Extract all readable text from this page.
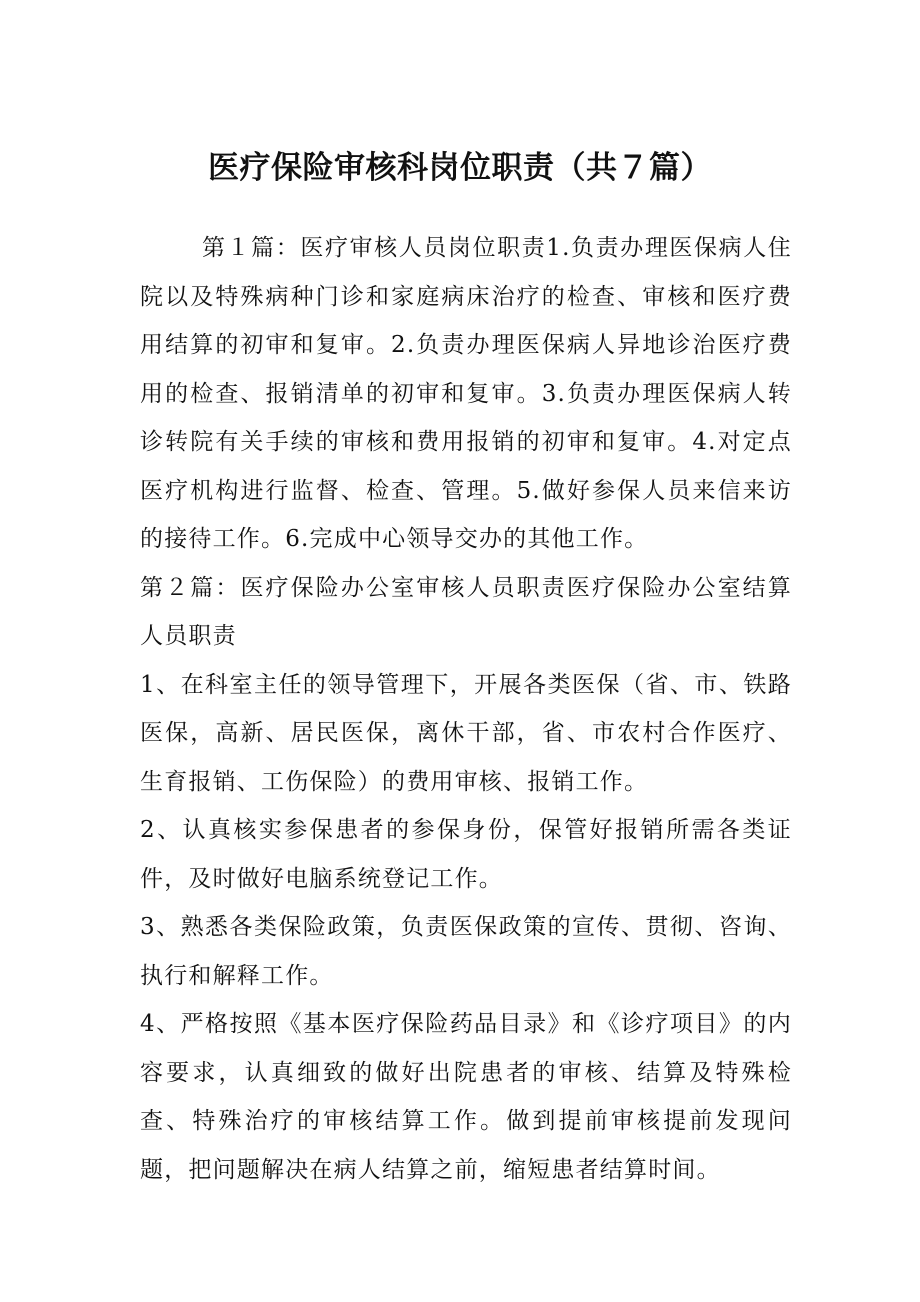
医疗保险审核科岗位职责（共７篇）

第１篇：医疗审核人员岗位职责1.负责办理医保病人住院以及特殊病种门诊和家庭病床治疗的检查、审核和医疗费用结算的初审和复审。2.负责办理医保病人异地诊治医疗费用的检查、报销清单的初审和复审。3.负责办理医保病人转诊转院有关手续的审核和费用报销的初审和复审。4.对定点医疗机构进行监督、检查、管理。5.做好参保人员来信来访的接待工作。6.完成中心领导交办的其他工作。

第２篇：医疗保险办公室审核人员职责医疗保险办公室结算人员职责

1、在科室主任的领导管理下，开展各类医保（省、市、铁路医保，高新、居民医保，离休干部，省、市农村合作医疗、生育报销、工伤保险）的费用审核、报销工作。

2、认真核实参保患者的参保身份，保管好报销所需各类证件，及时做好电脑系统登记工作。

3、熟悉各类保险政策，负责医保政策的宣传、贯彻、咨询、执行和解释工作。

4、严格按照《基本医疗保险药品目录》和《诊疗项目》的内容要求，认真细致的做好出院患者的审核、结算及特殊检查、特殊治疗的审核结算工作。做到提前审核提前发现问题，把问题解决在病人结算之前，缩短患者结算时间。
